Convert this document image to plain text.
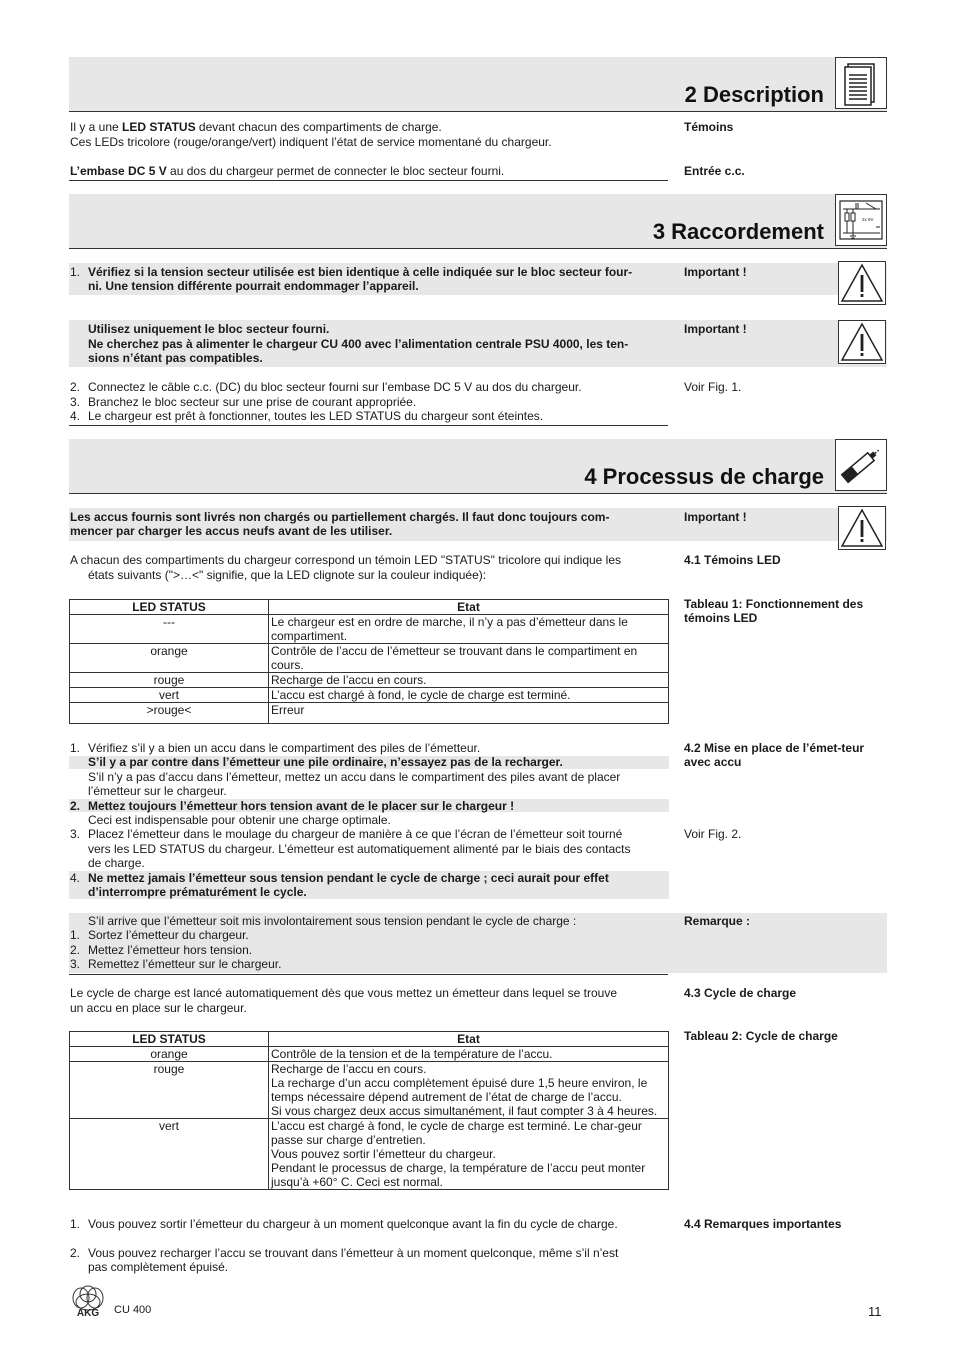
2 Description
Il y a une LED STATUS devant chacun des compartiments de charge.
Ces LEDs tricolore (rouge/orange/vert) indiquent l’état de service momentané du chargeur.
L’embase DC 5 V au dos du chargeur permet de connecter le bloc secteur fourni.
Témoins
Entrée c.c.
3 Raccordement	2x 9V
1. Vérifiez si la tension secteur utilisée est bien identique à celle indiquée sur le bloc secteur four-
ni. Une tension différente pourrait endommager l’appareil.
Important !
Utilisez uniquement le bloc secteur fourni.
Ne cherchez pas à alimenter le chargeur CU 400 avec l’alimentation centrale PSU 4000, les ten-
sions n’étant pas compatibles.
Important !
2. Connectez le câble c.c. (DC) du bloc secteur fourni sur l’embase DC 5 V au dos du chargeur.
3. Branchez le bloc secteur sur une prise de courant appropriée.
4. Le chargeur est prêt à fonctionner, toutes les LED STATUS du chargeur sont éteintes.
Voir Fig. 1.
4 Processus de charge
Les accus fournis sont livrés non chargés ou partiellement chargés. Il faut donc toujours com-
mencer par charger les accus neufs avant de les utiliser.
Important !
A chacun des compartiments du chargeur correspond un témoin LED "STATUS" tricolore qui indique les
états suivants (">…<" signifie, que la LED clignote sur la couleur indiquée):
4.1 Témoins LED
Tableau 1: Fonctionnement des témoins LED
LED STATUS	Etat
---	Le chargeur est en ordre de marche, il n’y a pas d’émetteur dans le compartiment.
orange	Contrôle de l’accu de l’émetteur se trouvant dans le compartiment en cours.
rouge	Recharge de l’accu en cours.
vert	L’accu est chargé à fond, le cycle de charge est terminé.
>rouge<	Erreur
1. Vérifiez s’il y a bien un accu dans le compartiment des piles de l’émetteur.
S’il y a par contre dans l’émetteur une pile ordinaire, n’essayez pas de la recharger.
S’il n’y a pas d’accu dans l’émetteur, mettez un accu dans le compartiment des piles avant de placer
l’émetteur sur le chargeur.
2. Mettez toujours l’émetteur hors tension avant de le placer sur le chargeur !
Ceci est indispensable pour obtenir une charge optimale.
3. Placez l’émetteur dans le moulage du chargeur de manière à ce que l’écran de l’émetteur soit tourné
vers les LED STATUS du chargeur. L’émetteur est automatiquement alimenté par le biais des contacts
de charge.
4. Ne mettez jamais l’émetteur sous tension pendant le cycle de charge ; ceci aurait pour effet
d’interrompre prématurément le cycle.
4.2 Mise en place de l’émet-teur avec accu
Voir Fig. 2.
S’il arrive que l’émetteur soit mis involontairement sous tension pendant le cycle de charge :
1. Sortez l’émetteur du chargeur.
2. Mettez l’émetteur hors tension.
3. Remettez l’émetteur sur le chargeur.
Remarque :
Le cycle de charge est lancé automatiquement dès que vous mettez un émetteur dans lequel se trouve
un accu en place sur le chargeur.
4.3 Cycle de charge
Tableau 2: Cycle de charge
LED STATUS	Etat
orange	Contrôle de la tension et de la température de l’accu.
rouge	Recharge de l’accu en cours.
La recharge d’un accu complètement épuisé dure 1,5 heure environ, le temps nécessaire dépend autrement de l’état de charge de l’accu.
Si vous chargez deux accus simultanément, il faut compter 3 à 4 heures.

vert	L’accu est chargé à fond, le cycle de charge est terminé. Le char-geur passe sur charge d’entretien.
Vous pouvez sortir l’émetteur du chargeur.
Pendant le processus de charge, la température de l’accu peut monter jusqu’à +60° C. Ceci est normal.
1. Vous pouvez sortir l’émetteur du chargeur à un moment quelconque avant la fin du cycle de charge.
2. Vous pouvez recharger l’accu se trouvant dans l’émetteur à un moment quelconque, même s’il n’est
pas complètement épuisé.
4.4 Remarques importantes
AKG CU 400	11
